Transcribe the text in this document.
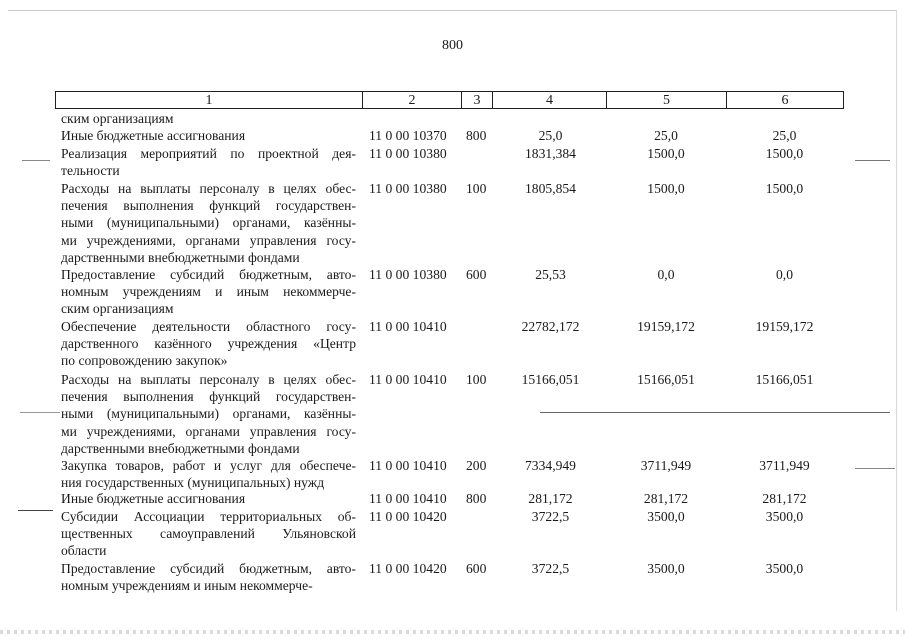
800
1	2	3	4	5	6
ским организациям
Иные бюджетные ассигнования	11 0 00 10370 800	25,0	25,0	25,0
Реализация мероприятий по проектной дея-
тельности
11 0 00 10380	1831,384	1500,0	1500,0
Расходы на выплаты персоналу в целях обес-
печения выполнения функций государствен-
ными (муниципальными) органами, казённы-
ми учреждениями, органами управления госу-
дарственными внебюджетными фондами
11 0 00 10380 100	1805,854	1500,0	1500,0
Предоставление субсидий бюджетным, авто-
номным учреждениям и иным некоммерче-
ским организациям
11 0 00 10380 600	25,53	0,0	0,0
Обеспечение деятельности областного госу-
дарственного казённого учреждения «Центр
по сопровождению закупок»
11 0 00 10410	22782,172	19159,172	19159,172
Расходы на выплаты персоналу в целях обес-
печения выполнения функций государствен-
ными (муниципальными) органами, казённы-
ми учреждениями, органами управления госу-
дарственными внебюджетными фондами
11 0 00 10410 100	15166,051	15166,051	15166,051
Закупка товаров, работ и услуг для обеспече-
ния государственных (муниципальных) нужд
11 0 00 10410 200	7334,949	3711,949	3711,949
Иные бюджетные ассигнования	11 0 00 10410 800	281,172	281,172	281,172
Субсидии Ассоциации территориальных об-
щественных самоуправлений Ульяновской
области
11 0 00 10420	3722,5	3500,0	3500,0
Предоставление субсидий бюджетным, авто-
номным учреждениям и иным некоммерче-
11 0 00 10420 600	3722,5	3500,0	3500,0
